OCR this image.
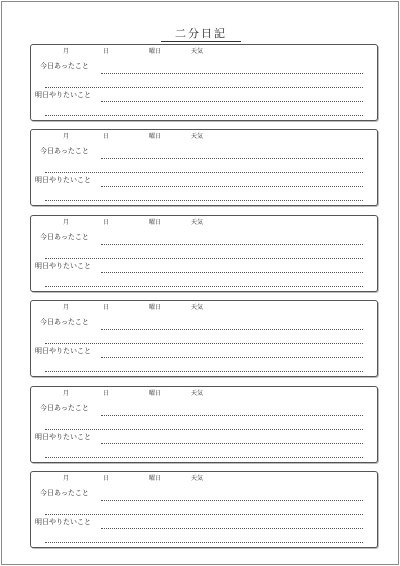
二分日記
月	日	曜日	天気
今日あったこと
明日やりたいこと
月	日	曜日	天気
今日あったこと
明日やりたいこと
月	日	曜日	天気
今日あったこと
明日やりたいこと
月	日	曜日	天気
今日あったこと
明日やりたいこと
月	日	曜日	天気
今日あったこと
明日やりたいこと
月	日	曜日	天気
今日あったこと
明日やりたいこと
